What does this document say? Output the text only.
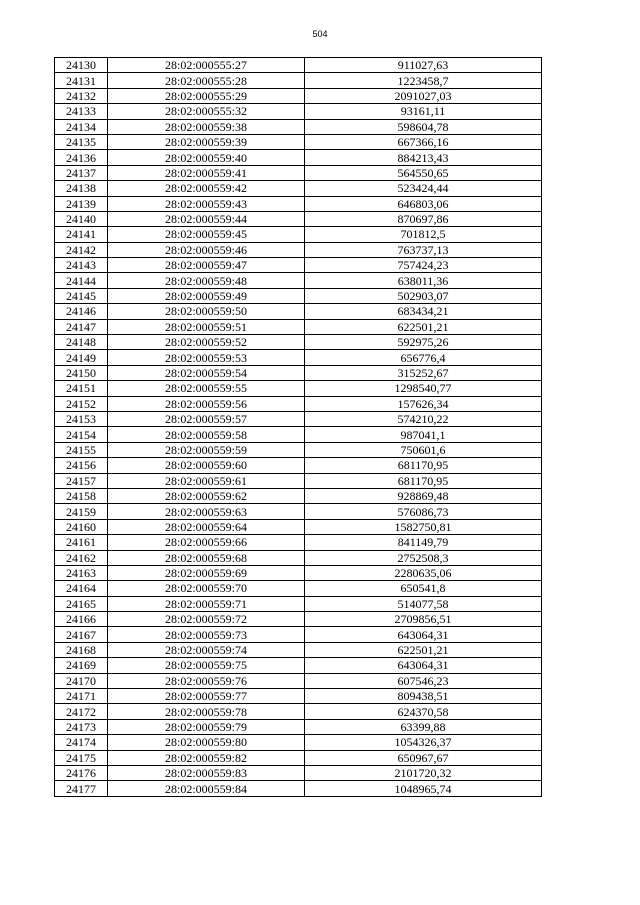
504
24130	28:02:000555:27	911027,63
24131	28:02:000555:28	1223458,7
24132	28:02:000555:29	2091027,03
24133	28:02:000555:32	93161,11
24134	28:02:000559:38	598604,78
24135	28:02:000559:39	667366,16
24136	28:02:000559:40	884213,43
24137	28:02:000559:41	564550,65
24138	28:02:000559:42	523424,44
24139	28:02:000559:43	646803,06
24140	28:02:000559:44	870697,86
24141	28:02:000559:45	701812,5
24142	28:02:000559:46	763737,13
24143	28:02:000559:47	757424,23
24144	28:02:000559:48	638011,36
24145	28:02:000559:49	502903,07
24146	28:02:000559:50	683434,21
24147	28:02:000559:51	622501,21
24148	28:02:000559:52	592975,26
24149	28:02:000559:53	656776,4
24150	28:02:000559:54	315252,67
24151	28:02:000559:55	1298540,77
24152	28:02:000559:56	157626,34
24153	28:02:000559:57	574210,22
24154	28:02:000559:58	987041,1
24155	28:02:000559:59	750601,6
24156	28:02:000559:60	681170,95
24157	28:02:000559:61	681170,95
24158	28:02:000559:62	928869,48
24159	28:02:000559:63	576086,73
24160	28:02:000559:64	1582750,81
24161	28:02:000559:66	841149,79
24162	28:02:000559:68	2752508,3
24163	28:02:000559:69	2280635,06
24164	28:02:000559:70	650541,8
24165	28:02:000559:71	514077,58
24166	28:02:000559:72	2709856,51
24167	28:02:000559:73	643064,31
24168	28:02:000559:74	622501,21
24169	28:02:000559:75	643064,31
24170	28:02:000559:76	607546,23
24171	28:02:000559:77	809438,51
24172	28:02:000559:78	624370,58
24173	28:02:000559:79	63399,88
24174	28:02:000559:80	1054326,37
24175	28:02:000559:82	650967,67
24176	28:02:000559:83	2101720,32
24177	28:02:000559:84	1048965,74
